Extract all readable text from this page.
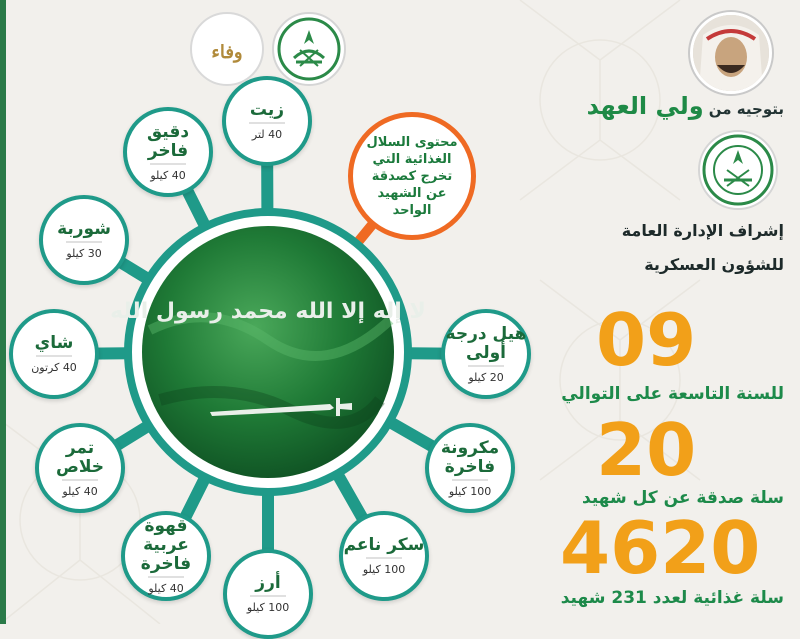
لا إله إلا الله محمد رسول الله
محتوى السلال الغذائية التي تخرج كصدقة عن الشهيد الواحد
زيت
40 لتر
دقيق فاخر
40 كيلو
شوربة
30 كيلو
شاي
40 كرتون
تمر خلاص
40 كيلو
قهوة عربية فاخرة
40 كيلو	أرز
100 كيلو
سكر ناعم
100 كيلو
مكرونة فاخرة
100 كيلو
هيل درجة أولى
20 كيلو
وفاء
بتوجيه من ولي العهد
إشراف الإدارة العامة
للشؤون العسكرية
09
للسنة التاسعة على التوالي
20
سلة صدقة عن كل شهيد
4620
سلة غذائية لعدد 231 شهيد
